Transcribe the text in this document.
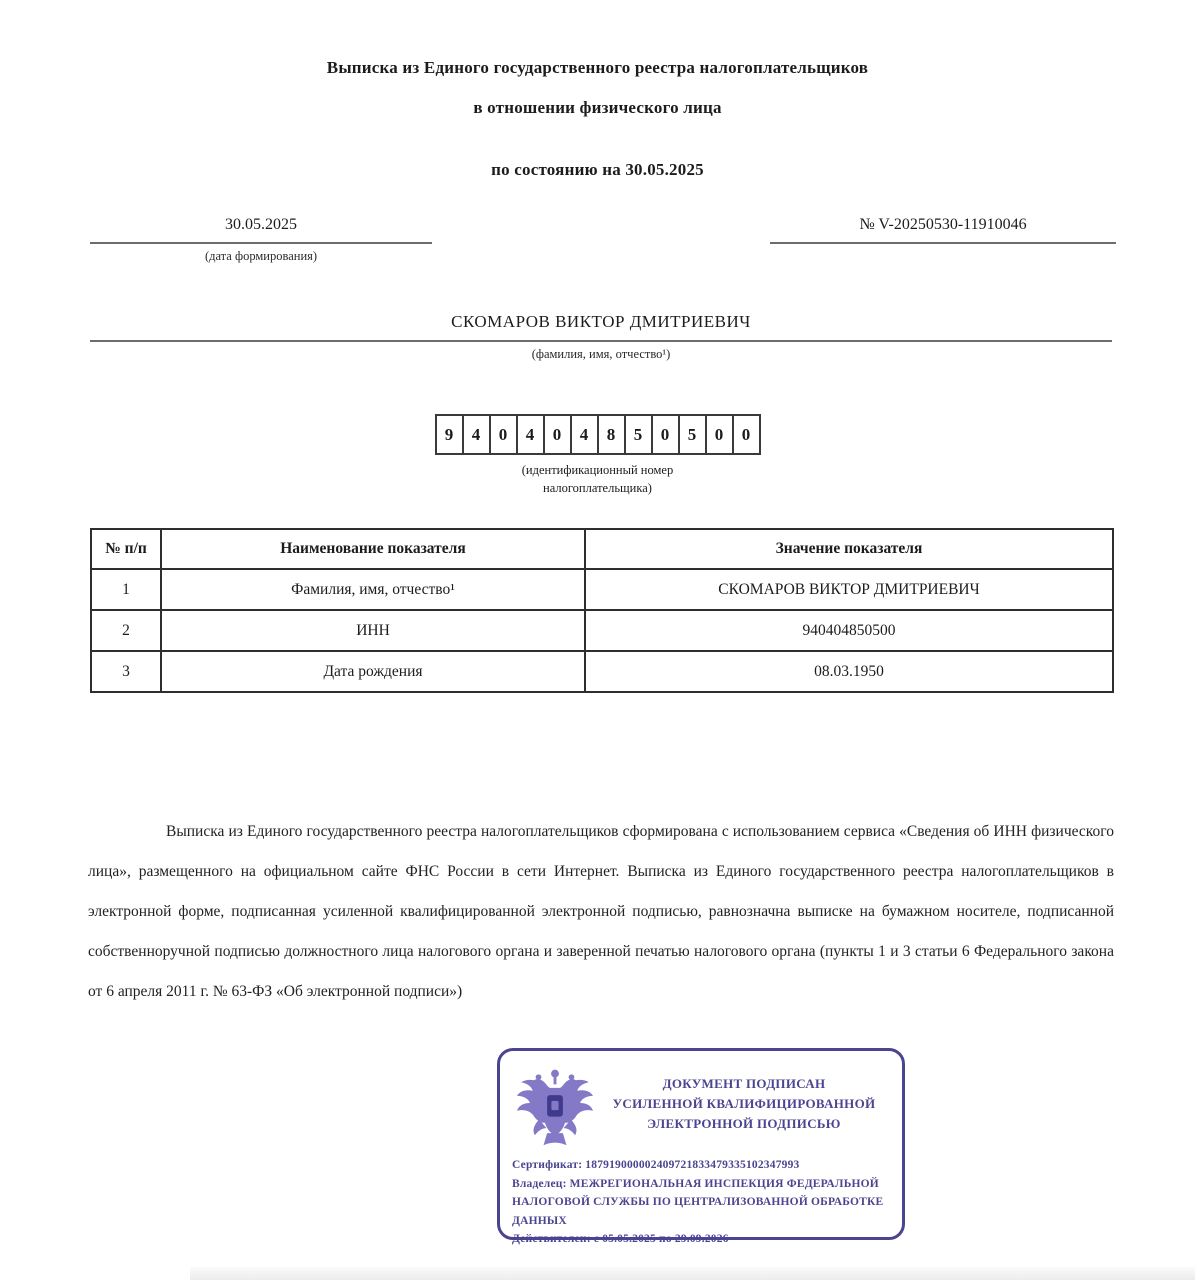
Выписка из Единого государственного реестра налогоплательщиков
в отношении физического лица
по состоянию на 30.05.2025
30.05.2025
(дата формирования)
№ V-20250530-11910046
СКОМАРОВ ВИКТОР ДМИТРИЕВИЧ
(фамилия, имя, отчество¹)
9	4	0	4	0	4	8	5	0	5	0	0
(идентификационный номер
налогоплательщика)
№ п/п	Наименование показателя	Значение показателя
1	Фамилия, имя, отчество¹	СКОМАРОВ ВИКТОР ДМИТРИЕВИЧ
2	ИНН	940404850500
3	Дата рождения	08.03.1950
Выписка из Единого государственного реестра налогоплательщиков сформирована с использованием сервиса «Сведения об ИНН физического лица», размещенного на официальном сайте ФНС России в сети Интернет. Выписка из Единого государственного реестра налогоплательщиков в электронной форме, подписанная усиленной квалифицированной электронной подписью, равнозначна выписке на бумажном носителе, подписанной собственноручной подписью должностного лица налогового органа и заверенной печатью налогового органа (пункты 1 и 3 статьи 6 Федерального закона от 6 апреля 2011 г. № 63-ФЗ «Об электронной подписи»)
ДОКУМЕНТ ПОДПИСАН
УСИЛЕННОЙ КВАЛИФИЦИРОВАННОЙ
ЭЛЕКТРОННОЙ ПОДПИСЬЮ
Сертификат: 187919000002409721833479335102347993
Владелец: МЕЖРЕГИОНАЛЬНАЯ ИНСПЕКЦИЯ ФЕДЕРАЛЬНОЙ НАЛОГОВОЙ СЛУЖБЫ ПО ЦЕНТРАЛИЗОВАННОЙ ОБРАБОТКЕ ДАННЫХ
Действителен: с 05.05.2025 по 29.09.2026
